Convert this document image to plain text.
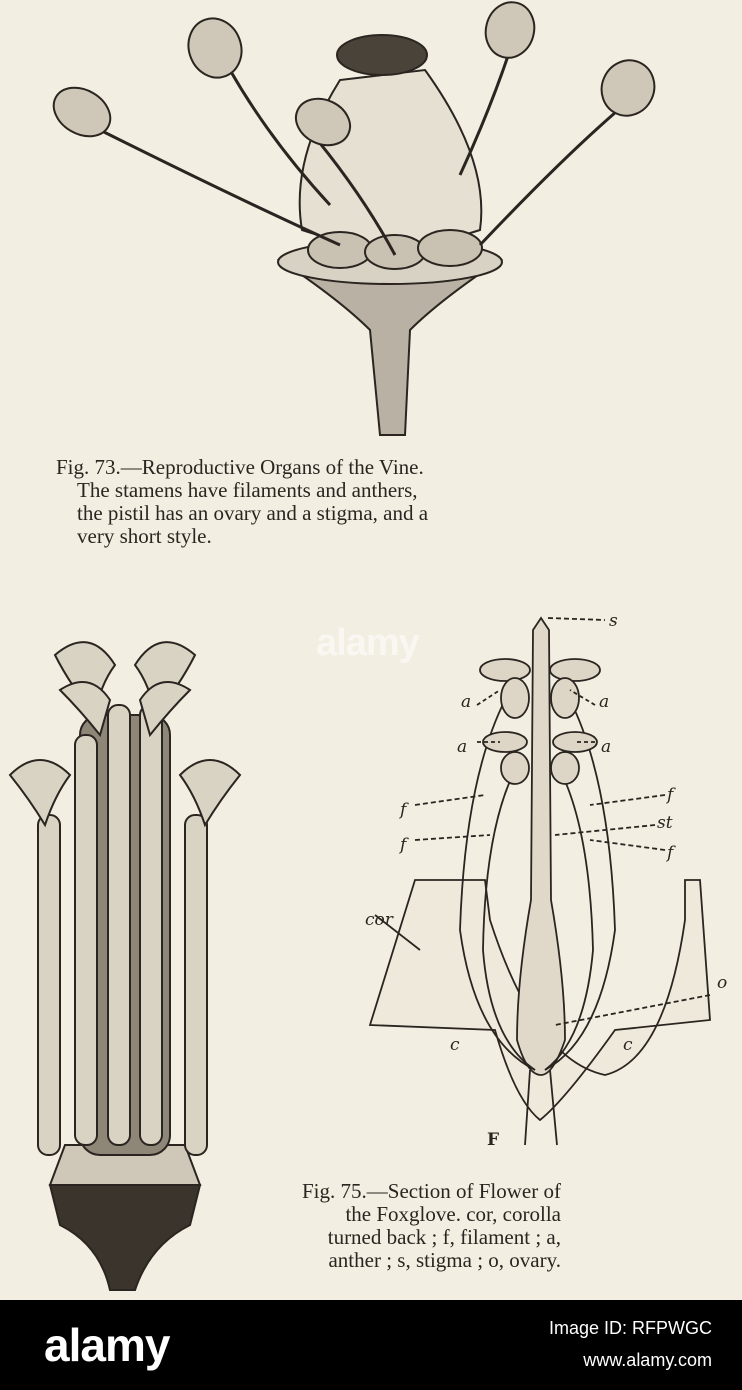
Fig. 73.—Reproductive Organs of the Vine.
The stamens have filaments and anthers,
the pistil has an ovary and a stigma, and a
very short style.
s
a	a
a	a
f
f
f
f
st
cor
c	c
o
F
Fig. 75.—Section of Flower of
the Foxglove. cor, corolla
turned back ; f, filament ; a,
anther ; s, stigma ; o, ovary.
alamy
alamy	Image ID: RFPWGC
www.alamy.com
